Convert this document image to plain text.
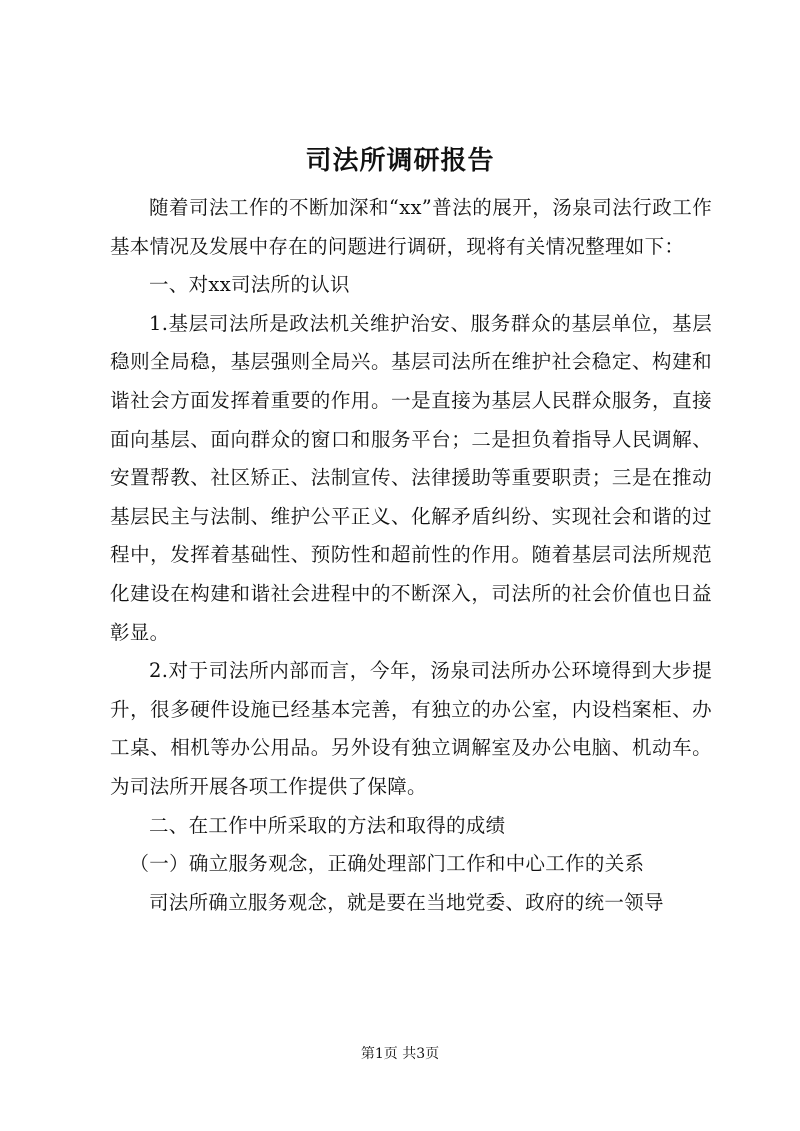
司法所调研报告

随着司法工作的不断加深和“xx”普法的展开，汤泉司法行政工作基本情况及发展中存在的问题进行调研，现将有关情况整理如下：

一、对xx司法所的认识

1.基层司法所是政法机关维护治安、服务群众的基层单位，基层稳则全局稳，基层强则全局兴。基层司法所在维护社会稳定、构建和谐社会方面发挥着重要的作用。一是直接为基层人民群众服务，直接面向基层、面向群众的窗口和服务平台；二是担负着指导人民调解、安置帮教、社区矫正、法制宣传、法律援助等重要职责；三是在推动基层民主与法制、维护公平正义、化解矛盾纠纷、实现社会和谐的过程中，发挥着基础性、预防性和超前性的作用。随着基层司法所规范化建设在构建和谐社会进程中的不断深入，司法所的社会价值也日益彰显。

2.对于司法所内部而言，今年，汤泉司法所办公环境得到大步提升，很多硬件设施已经基本完善，有独立的办公室，内设档案柜、办工桌、相机等办公用品。另外设有独立调解室及办公电脑、机动车。为司法所开展各项工作提供了保障。

二、在工作中所采取的方法和取得的成绩

（一）确立服务观念，正确处理部门工作和中心工作的关系

司法所确立服务观念，就是要在当地党委、政府的统一领导

第1页 共3页
